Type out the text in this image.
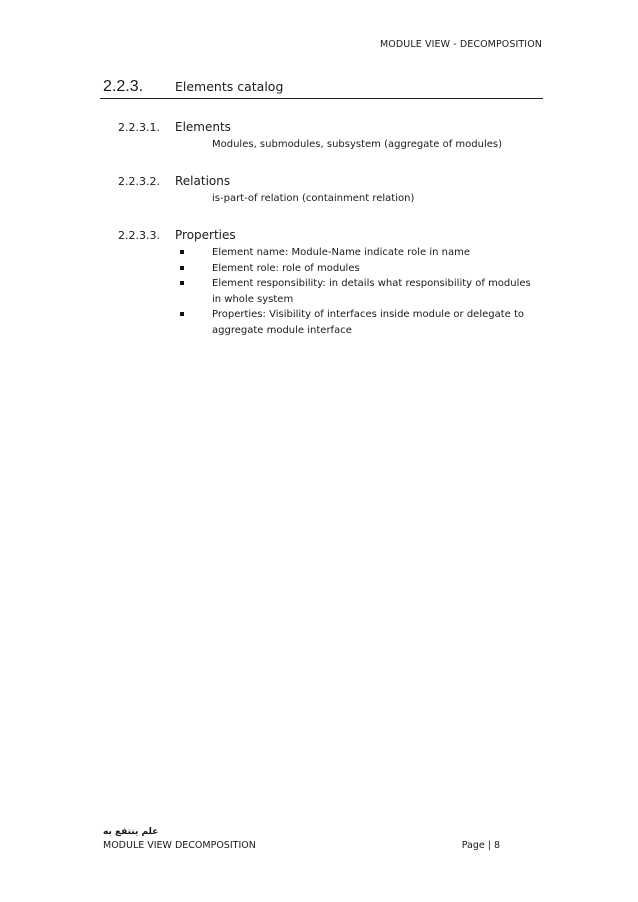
MODULE VIEW - DECOMPOSITION
2.2.3.	Elements catalog
2.2.3.1. Elements
Modules, submodules, subsystem (aggregate of modules)
2.2.3.2. Relations
is-part-of relation (containment relation)
2.2.3.3. Properties
Element name: Module-Name indicate role in name
Element role: role of modules
Element responsibility: in details what responsibility of modules in whole system
Properties: Visibility of interfaces inside module or delegate to aggregate module interface
علم ينتفع به
MODULE VIEW DECOMPOSITION	Page | 8
